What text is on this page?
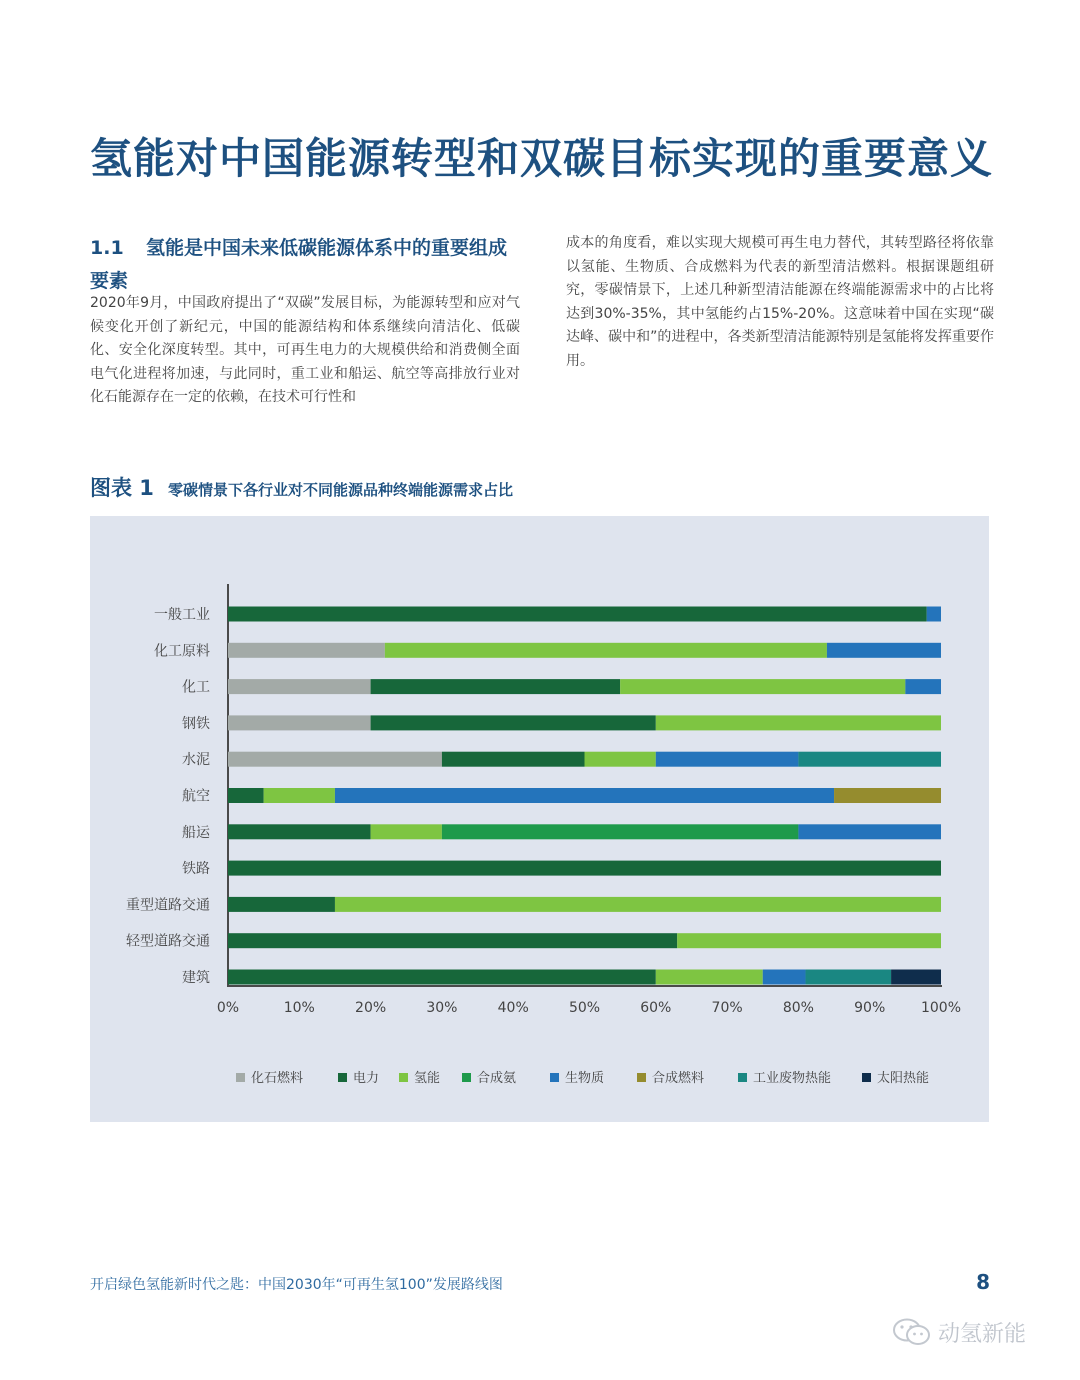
氢能对中国能源转型和双碳目标实现的重要意义
1.1 氢能是中国未来低碳能源体系中的重要组成要素

2020年9月，中国政府提出了“双碳”发展目标，为能源转型和应对气候变化开创了新纪元，中国的能源结构和体系继续向清洁化、低碳化、安全化深度转型。其中，可再生电力的大规模供给和消费侧全面电气化进程将加速，与此同时，重工业和船运、航空等高排放行业对化石能源存在一定的依赖，在技术可行性和

成本的角度看，难以实现大规模可再生电力替代，其转型路径将依靠以氢能、生物质、合成燃料为代表的新型清洁燃料。根据课题组研究，零碳情景下，上述几种新型清洁能源在终端能源需求中的占比将达到30%-35%，其中氢能约占15%-20%。这意味着中国在实现“碳达峰、碳中和”的进程中，各类新型清洁能源特别是氢能将发挥重要作用。

图表 1 零碳情景下各行业对不同能源品种终端能源需求占比
一般工业
化工原料
化工
钢铁
水泥
航空
船运
铁路
重型道路交通
轻型道路交通
建筑
0%	10%	20%	30%	40%	50%	60%	70%	80%	90%	100%
化石燃料	电力	氢能	合成氨	生物质	合成燃料	工业废物热能	太阳热能
开启绿色氢能新时代之匙：中国2030年“可再生氢100”发展路线图	8
动氢新能
